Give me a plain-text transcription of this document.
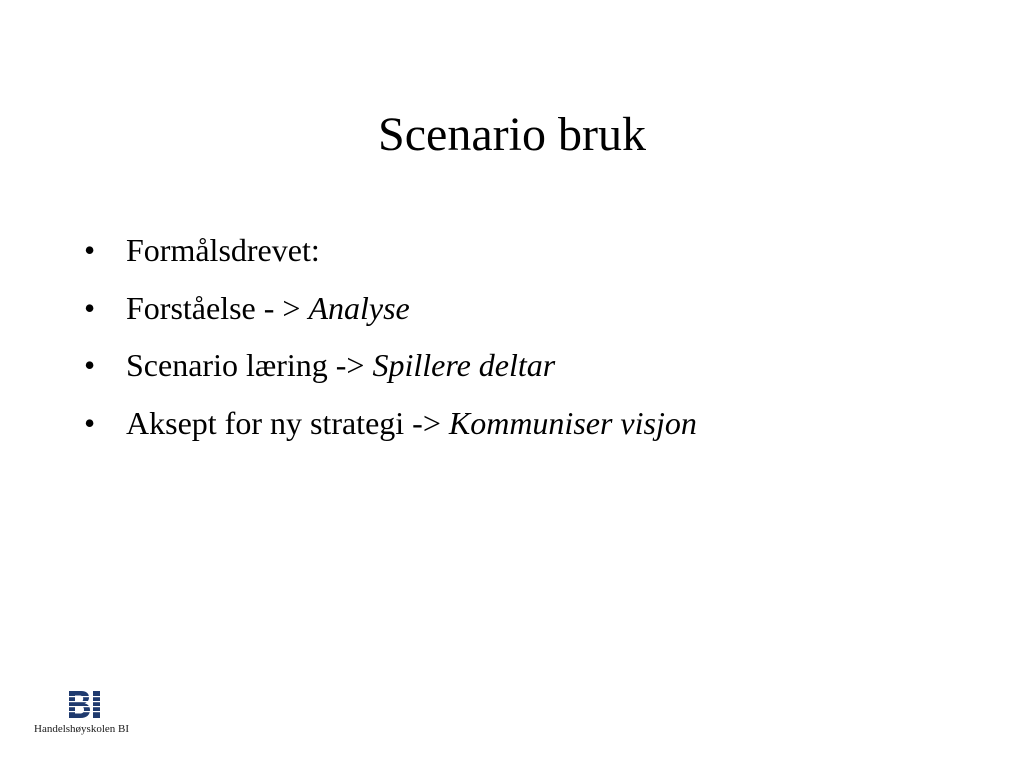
Scenario bruk
• Formålsdrevet:
• Forståelse - > Analyse
• Scenario læring -> Spillere deltar
• Aksept for ny strategi -> Kommuniser visjon
Handelshøyskolen BI
